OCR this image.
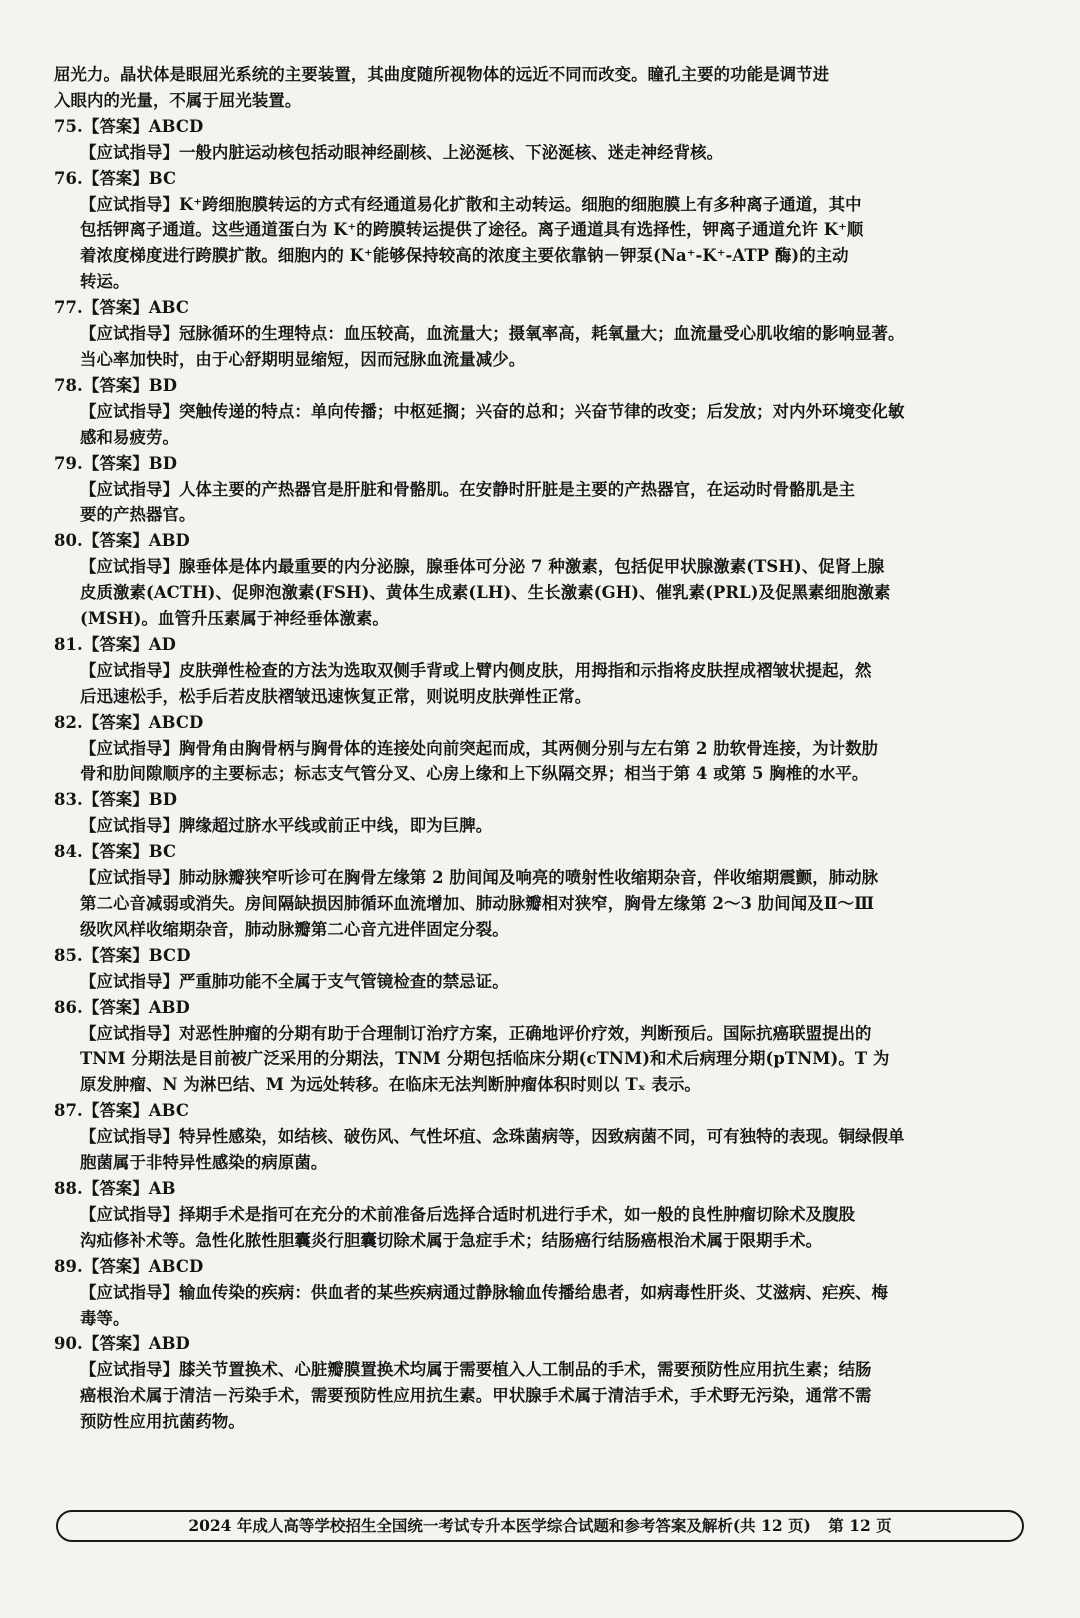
屈光力。晶状体是眼屈光系统的主要装置，其曲度随所视物体的远近不同而改变。瞳孔主要的功能是调节进
入眼内的光量，不属于屈光装置。
75.【答案】ABCD
【应试指导】一般内脏运动核包括动眼神经副核、上泌涎核、下泌涎核、迷走神经背核。
76.【答案】BC
【应试指导】K⁺跨细胞膜转运的方式有经通道易化扩散和主动转运。细胞的细胞膜上有多种离子通道，其中
包括钾离子通道。这些通道蛋白为 K⁺的跨膜转运提供了途径。离子通道具有选择性，钾离子通道允许 K⁺顺
着浓度梯度进行跨膜扩散。细胞内的 K⁺能够保持较高的浓度主要依靠钠－钾泵(Na⁺-K⁺-ATP 酶)的主动
转运。
77.【答案】ABC
【应试指导】冠脉循环的生理特点：血压较高，血流量大；摄氧率高，耗氧量大；血流量受心肌收缩的影响显著。
当心率加快时，由于心舒期明显缩短，因而冠脉血流量减少。
78.【答案】BD
【应试指导】突触传递的特点：单向传播；中枢延搁；兴奋的总和；兴奋节律的改变；后发放；对内外环境变化敏
感和易疲劳。
79.【答案】BD
【应试指导】人体主要的产热器官是肝脏和骨骼肌。在安静时肝脏是主要的产热器官，在运动时骨骼肌是主
要的产热器官。
80.【答案】ABD
【应试指导】腺垂体是体内最重要的内分泌腺，腺垂体可分泌 7 种激素，包括促甲状腺激素(TSH)、促肾上腺
皮质激素(ACTH)、促卵泡激素(FSH)、黄体生成素(LH)、生长激素(GH)、催乳素(PRL)及促黑素细胞激素
(MSH)。血管升压素属于神经垂体激素。
81.【答案】AD
【应试指导】皮肤弹性检查的方法为选取双侧手背或上臂内侧皮肤，用拇指和示指将皮肤捏成褶皱状提起，然
后迅速松手，松手后若皮肤褶皱迅速恢复正常，则说明皮肤弹性正常。
82.【答案】ABCD
【应试指导】胸骨角由胸骨柄与胸骨体的连接处向前突起而成，其两侧分别与左右第 2 肋软骨连接，为计数肋
骨和肋间隙顺序的主要标志；标志支气管分叉、心房上缘和上下纵隔交界；相当于第 4 或第 5 胸椎的水平。
83.【答案】BD
【应试指导】脾缘超过脐水平线或前正中线，即为巨脾。
84.【答案】BC
【应试指导】肺动脉瓣狭窄听诊可在胸骨左缘第 2 肋间闻及响亮的喷射性收缩期杂音，伴收缩期震颤，肺动脉
第二心音减弱或消失。房间隔缺损因肺循环血流增加、肺动脉瓣相对狭窄，胸骨左缘第 2～3 肋间闻及Ⅱ～Ⅲ
级吹风样收缩期杂音，肺动脉瓣第二心音亢进伴固定分裂。
85.【答案】BCD
【应试指导】严重肺功能不全属于支气管镜检查的禁忌证。
86.【答案】ABD
【应试指导】对恶性肿瘤的分期有助于合理制订治疗方案，正确地评价疗效，判断预后。国际抗癌联盟提出的
TNM 分期法是目前被广泛采用的分期法，TNM 分期包括临床分期(cTNM)和术后病理分期(pTNM)。T 为
原发肿瘤、N 为淋巴结、M 为远处转移。在临床无法判断肿瘤体积时则以 Tₓ 表示。
87.【答案】ABC
【应试指导】特异性感染，如结核、破伤风、气性坏疽、念珠菌病等，因致病菌不同，可有独特的表现。铜绿假单
胞菌属于非特异性感染的病原菌。
88.【答案】AB
【应试指导】择期手术是指可在充分的术前准备后选择合适时机进行手术，如一般的良性肿瘤切除术及腹股
沟疝修补术等。急性化脓性胆囊炎行胆囊切除术属于急症手术；结肠癌行结肠癌根治术属于限期手术。
89.【答案】ABCD
【应试指导】输血传染的疾病：供血者的某些疾病通过静脉输血传播给患者，如病毒性肝炎、艾滋病、疟疾、梅
毒等。
90.【答案】ABD
【应试指导】膝关节置换术、心脏瓣膜置换术均属于需要植入人工制品的手术，需要预防性应用抗生素；结肠
癌根治术属于清洁－污染手术，需要预防性应用抗生素。甲状腺手术属于清洁手术，手术野无污染，通常不需
预防性应用抗菌药物。
2024 年成人高等学校招生全国统一考试专升本医学综合试题和参考答案及解析(共 12 页) 第 12 页
